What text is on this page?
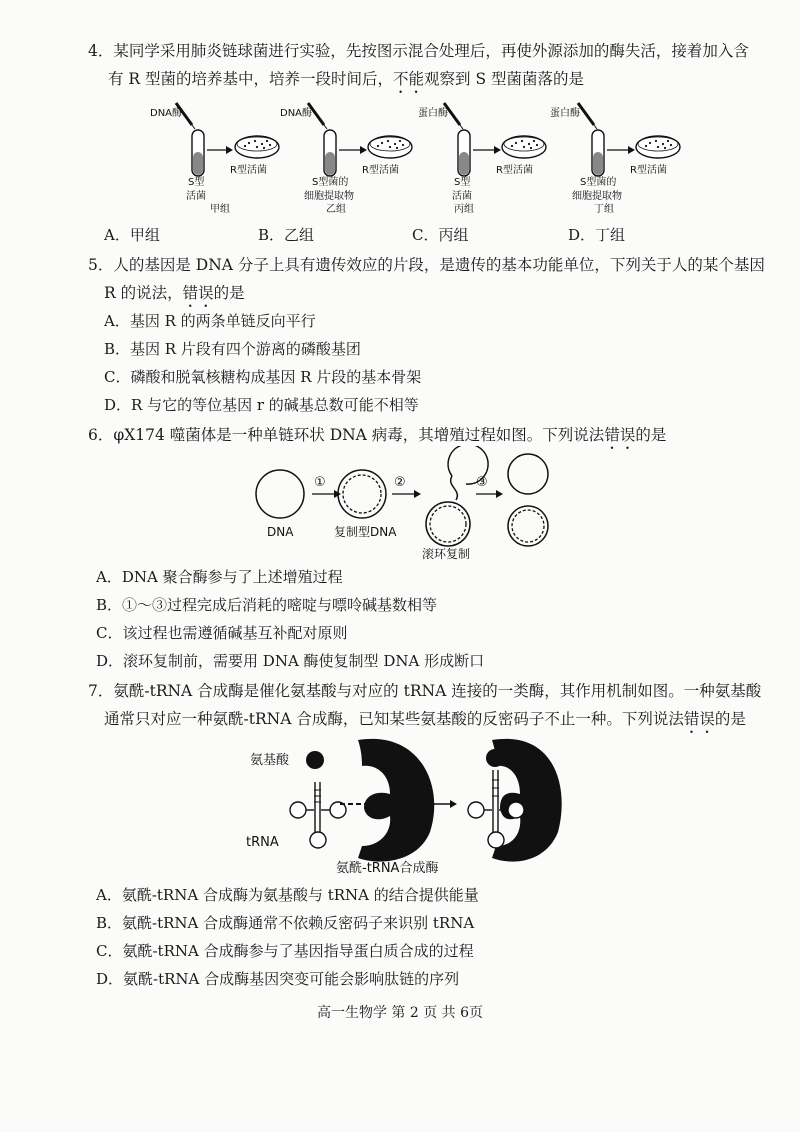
4．某同学采用肺炎链球菌进行实验，先按图示混合处理后，再使外源添加的酶失活，接着加入含
有 R 型菌的培养基中，培养一段时间后，不能观察到 S 型菌菌落的是
DNA酶
R型活菌
S型
活菌
甲组
DNA酶
R型活菌
S型菌的
细胞提取物
乙组
蛋白酶
R型活菌
S型
活菌
丙组
蛋白酶
R型活菌
S型菌的
细胞提取物
丁组
A．甲组	B．乙组	C．丙组	D．丁组
5．人的基因是 DNA 分子上具有遗传效应的片段，是遗传的基本功能单位，下列关于人的某个基因
R 的说法，错误的是
A．基因 R 的两条单链反向平行
B．基因 R 片段有四个游离的磷酸基团
C．磷酸和脱氧核糖构成基因 R 片段的基本骨架
D．R 与它的等位基因 r 的碱基总数可能不相等
6．φX174 噬菌体是一种单链环状 DNA 病毒，其增殖过程如图。下列说法错误的是
DNA
①
复制型DNA
②
滚环复制
③
A．DNA 聚合酶参与了上述增殖过程
B．①～③过程完成后消耗的嘧啶与嘌呤碱基数相等
C．该过程也需遵循碱基互补配对原则
D．滚环复制前，需要用 DNA 酶使复制型 DNA 形成断口
7．氨酰-tRNA 合成酶是催化氨基酸与对应的 tRNA 连接的一类酶，其作用机制如图。一种氨基酸
通常只对应一种氨酰-tRNA 合成酶，已知某些氨基酸的反密码子不止一种。下列说法错误的是
氨基酸
tRNA
氨酰-tRNA合成酶
A．氨酰-tRNA 合成酶为氨基酸与 tRNA 的结合提供能量
B．氨酰-tRNA 合成酶通常不依赖反密码子来识别 tRNA
C．氨酰-tRNA 合成酶参与了基因指导蛋白质合成的过程
D．氨酰-tRNA 合成酶基因突变可能会影响肽链的序列
高一生物学 第 2 页 共 6页
